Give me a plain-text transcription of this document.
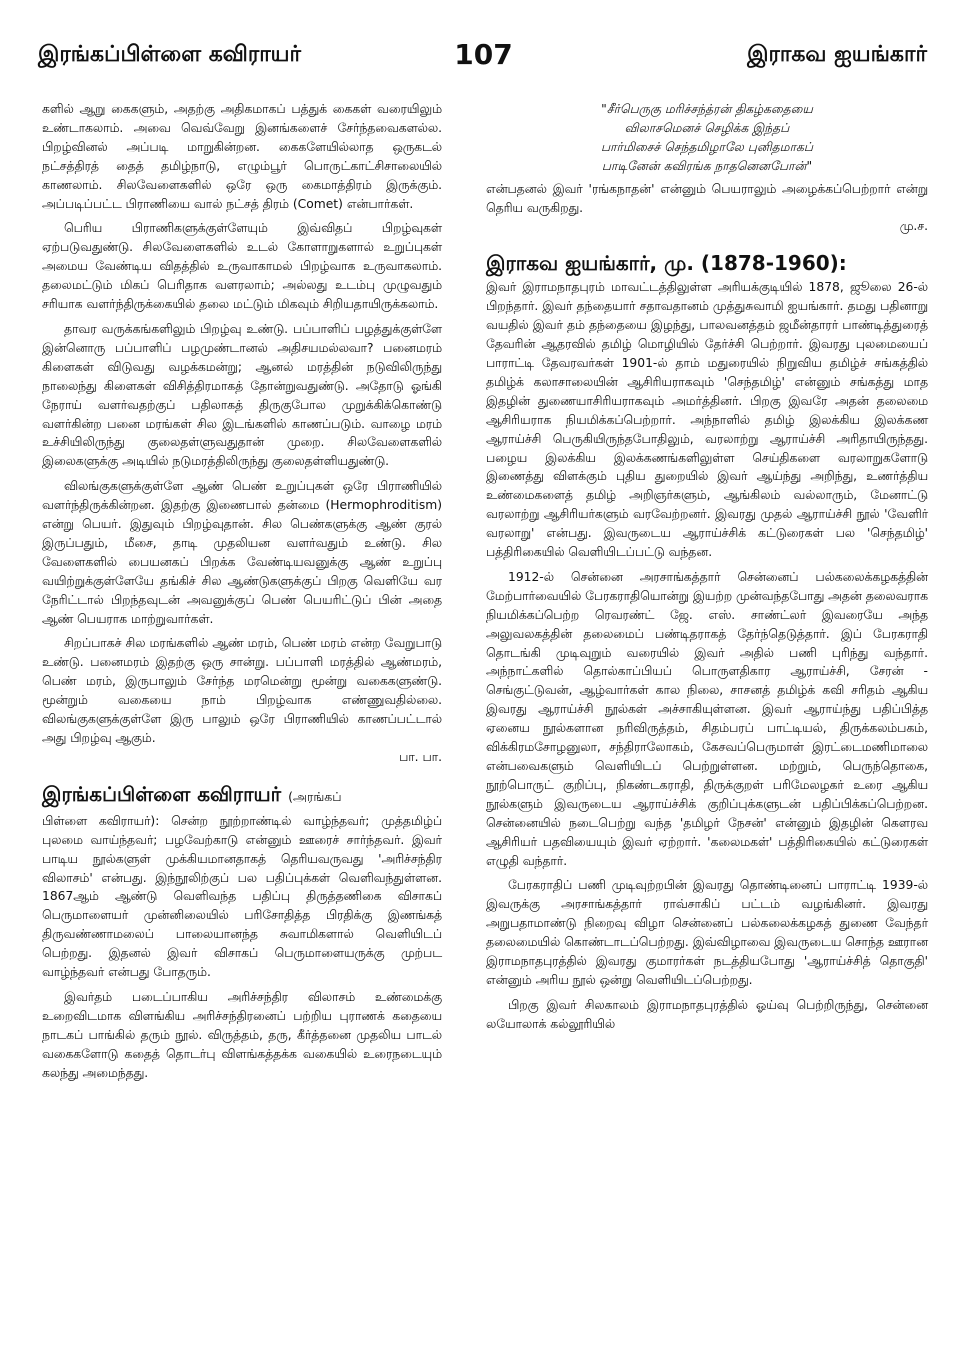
இரங்கப்பிள்ளை கவிராயர்	107	இராகவ ஐயங்கார்

களில் ஆறு கைகளும், அதற்கு அதிகமாகப் பத்துக் கைகள் வரையிலும் உண்டாகலாம். அவை வெவ்வேறு இனங்களைச் சேர்ந்தவைகளல்ல. பிறழ்வினல் அப்படி மாறுகின்றன. கைகளேயில்லாத ஒருகடல் நட்சத்திரத் தைத் தமிழ்நாடு, எழும்பூர் பொருட்காட்சிசாலையில் காணலாம். சிலவேளைகளில் ஒரே ஒரு கைமாத்திரம் இருக்கும். அப்படிப்பட்ட பிராணியை வால் நட்சத் திரம் (Comet) என்பார்கள்.

பெரிய பிராணிகளுக்குள்ளேயும் இவ்விதப் பிறழ்வுகள் ஏற்படுவதுண்டு. சிலவேளைகளில் உடல் கோளாறுகளால் உறுப்புகள் அமைய வேண்டிய விதத்தில் உருவாகாமல் பிறழ்வாக உருவாகலாம். தலைமட்டும் மிகப் பெரிதாக வளரலாம்; அல்லது உடம்பு முழுவதும் சரியாக வளர்ந்திருக்கையில் தலை மட்டும் மிகவும் சிறியதாயிருக்கலாம்.

தாவர வருக்கங்களிலும் பிறழ்வு உண்டு. பப்பாளிப் பழத்துக்குள்ளே இன்னொரு பப்பாளிப் பழமுண்டானல் அதிசயமல்லவா? பனைமரம் கிளைகள் விடுவது வழக்கமன்று; ஆனல் மரத்தின் நடுவிலிருந்து நாலைந்து கிளைகள் விசித்திரமாகத் தோன்றுவதுண்டு. அதோடு ஓங்கி நேராய் வளர்வதற்குப் பதிலாகத் திருகுபோல முறுக்கிக்கொண்டு வளர்கின்ற பனை மரங்கள் சில இடங்களில் காணப்படும். வாழை மரம் உச்சியிலிருந்து குலைதள்ளுவதுதான் முறை. சிலவேளைகளில் இலைகளுக்கு அடியில் நடுமரத்திலிருந்து குலைதள்ளியதுண்டு.

விலங்குகளுக்குள்ளே ஆண் பெண் உறுப்புகள் ஒரே பிராணியில் வளர்ந்திருக்கின்றன. இதற்கு இணைபால் தன்மை (Hermophroditism) என்று பெயர். இதுவும் பிறழ்வுதான். சில பெண்களுக்கு ஆண் குரல் இருப்பதும், மீசை, தாடி முதலியன வளர்வதும் உண்டு. சில வேளைகளில் பையனகப் பிறக்க வேண்டியவனுக்கு ஆண் உறுப்பு வயிற்றுக்குள்ளேயே தங்கிச் சில ஆண்டுகளுக்குப் பிறகு வெளியே வர நேரிட்டால் பிறந்தவுடன் அவனுக்குப் பெண் பெயரிட்டுப் பின் அதை ஆண் பெயராக மாற்றுவார்கள்.

சிறப்பாகச் சில மரங்களில் ஆண் மரம், பெண் மரம் என்ற வேறுபாடு உண்டு. பனைமரம் இதற்கு ஒரு சான்று. பப்பாளி மரத்தில் ஆண்மரம், பெண் மரம், இருபாலும் சேர்ந்த மரமென்று மூன்று வகைகளுண்டு. மூன்றும் வகையை நாம் பிறழ்வாக எண்ணுவதில்லை. விலங்குகளுக்குள்ளே இரு பாலும் ஒரே பிராணியில் காணப்பட்டால் அது பிறழ்வு ஆகும்.

பா. பா.

இரங்கப்பிள்ளை கவிராயர் (அரங்கப்

பிள்ளை கவிராயர்): சென்ற நூற்றாண்டில் வாழ்ந்தவர்; முத்தமிழ்ப் புலமை வாய்ந்தவர்; பழவேற்காடு என்னும் ஊரைச் சார்ந்தவர். இவர் பாடிய நூல்களுள் முக்கியமானதாகத் தெரியவருவது 'அரிச்சந்திர விலாசம்' என்பது. இந்நூலிற்குப் பல பதிப்புக்கள் வெளிவந்துள்ளன. 1867ஆம் ஆண்டு வெளிவந்த பதிப்பு திருத்தணிகை விசாகப் பெருமாளையர் முன்னிலையில் பரிசோதித்த பிரதிக்கு இணங்கத் திருவண்ணாமலைப் பாலையானந்த சுவாமிகளால் வெளியிடப் பெற்றது. இதனல் இவர் விசாகப் பெருமாளையருக்கு முற்பட வாழ்ந்தவர் என்பது போதரும்.

இவர்தம் படைப்பாகிய அரிச்சந்திர விலாசம் உண்மைக்கு உறைவிடமாக விளங்கிய அரிச்சந்திரனைப் பற்றிய புராணக் கதையை நாடகப் பாங்கில் தரும் நூல். விருத்தம், தரு, கீர்த்தனை முதலிய பாடல் வகைகளோடு கதைத் தொடர்பு விளங்கத்தக்க வகையில் உரைநடையும் கலந்து அமைந்தது.

"சீர்பெருகு மரிச்சந்த்ரன் திகழ்கதையை
விலாசமெனச் செழிக்க இந்தப்
பார்மிசைச் செந்தமிழாலே புனிதமாகப்
பாடினேன் கவிரங்க நாதனெனபோன்"

என்பதனல் இவர் 'ரங்கநாதன்' என்னும் பெயராலும் அழைக்கப்பெற்றார் என்று தெரிய வருகிறது.

மு.ச.

இராகவ ஐயங்கார், மு. (1878-1960):

இவர் இராமநாதபுரம் மாவட்டத்திலுள்ள அரியக்குடியில் 1878, ஜூலை 26-ல் பிறந்தார். இவர் தந்தையார் சதாவதானம் முத்துசுவாமி ஐயங்கார். தமது பதினாறு வயதில் இவர் தம் தந்தையை இழந்து, பாலவனத்தம் ஜமீன்தாரர் பாண்டித்துரைத் தேவரின் ஆதரவில் தமிழ் மொழியில் தேர்ச்சி பெற்றார். இவரது புலமையைப் பாராட்டி தேவரவர்கள் 1901-ல் தாம் மதுரையில் நிறுவிய தமிழ்ச் சங்கத்தில் தமிழ்க் கலாசாலையின் ஆசிரியராகவும் 'செந்தமிழ்' என்னும் சங்கத்து மாத இதழின் துணையாசிரியராகவும் அமர்த்தினர். பிறகு இவரே அதன் தலைமை ஆசிரியராக நியமிக்கப்பெற்றார். அந்நாளில் தமிழ் இலக்கிய இலக்கண ஆராய்ச்சி பெருகியிருந்தபோதிலும், வரலாற்று ஆராய்ச்சி அரிதாயிருந்தது. பழைய இலக்கிய இலக்கணங்களிலுள்ள செய்திகளை வரலாறுகளோடு இணைத்து விளக்கும் புதிய துறையில் இவர் ஆய்ந்து அறிந்து, உணர்த்திய உண்மைகளைத் தமிழ் அறிஞர்களும், ஆங்கிலம் வல்லாரும், மேனாட்டு வரலாற்று ஆசிரியர்களும் வரவேற்றனர். இவரது முதல் ஆராய்ச்சி நூல் 'வேளிர் வரலாறு' என்பது. இவருடைய ஆராய்ச்சிக் கட்டுரைகள் பல 'செந்தமிழ்' பத்திரிகையில் வெளியிடப்பட்டு வந்தன.

1912-ல் சென்னை அரசாங்கத்தார் சென்னைப் பல்கலைக்கழகத்தின் மேற்பார்வையில் பேரகராதியொன்று இயற்ற முன்வந்தபோது அதன் தலைவராக நியமிக்கப்பெற்ற ரெவரண்ட் ஜே. எஸ். சாண்ட்லர் இவரையே அந்த அலுவலகத்தின் தலைமைப் பண்டிதராகத் தேர்ந்தெடுத்தார். இப் பேரகராதி தொடங்கி முடிவுறும் வரையில் இவர் அதில் பணி புரிந்து வந்தார். அந்நாட்களில் தொல்காப்பியப் பொருளதிகார ஆராய்ச்சி, சேரன் - செங்குட்டுவன், ஆழ்வார்கள் கால நிலை, சாசனத் தமிழ்க் கவி சரிதம் ஆகிய இவரது ஆராய்ச்சி நூல்கள் அச்சாகியுள்ளன. இவர் ஆராய்ந்து பதிப்பித்த ஏனைய நூல்களான நரிவிருத்தம், சிதம்பரப் பாட்டியல், திருக்கலம்பகம், விக்கிரமசோழனுலா, சந்திராலோகம், கேசவப்பெருமாள் இரட்டைமணிமாலை என்பவைகளும் வெளியிடப் பெற்றுள்ளன. மற்றும், பெருந்தொகை, நூற்பொருட் குறிப்பு, நிகண்டகராதி, திருக்குறள் பரிமேலழகர் உரை ஆகிய நூல்களும் இவருடைய ஆராய்ச்சிக் குறிப்புக்களுடன் பதிப்பிக்கப்பெற்றன. சென்னையில் நடைபெற்று வந்த 'தமிழர் நேசன்' என்னும் இதழின் கௌரவ ஆசிரியர் பதவியையும் இவர் ஏற்றார். 'கலைமகள்' பத்திரிகையில் கட்டுரைகள் எழுதி வந்தார்.

பேரகராதிப் பணி முடிவுற்றபின் இவரது தொண்டினைப் பாராட்டி 1939-ல் இவருக்கு அரசாங்கத்தார் ராவ்சாகிப் பட்டம் வழங்கினர். இவரது அறுபதாமாண்டு நிறைவு விழா சென்னைப் பல்கலைக்கழகத் துணை வேந்தர் தலைமையில் கொண்டாடப்பெற்றது. இவ்விழாவை இவருடைய சொந்த ஊரான இராமநாதபுரத்தில் இவரது குமாரர்கள் நடத்தியபோது 'ஆராய்ச்சித் தொகுதி' என்னும் அரிய நூல் ஒன்று வெளியிடப்பெற்றது.

பிறகு இவர் சிலகாலம் இராமநாதபுரத்தில் ஓய்வு பெற்றிருந்து, சென்னை லயோலாக் கல்லூரியில்
